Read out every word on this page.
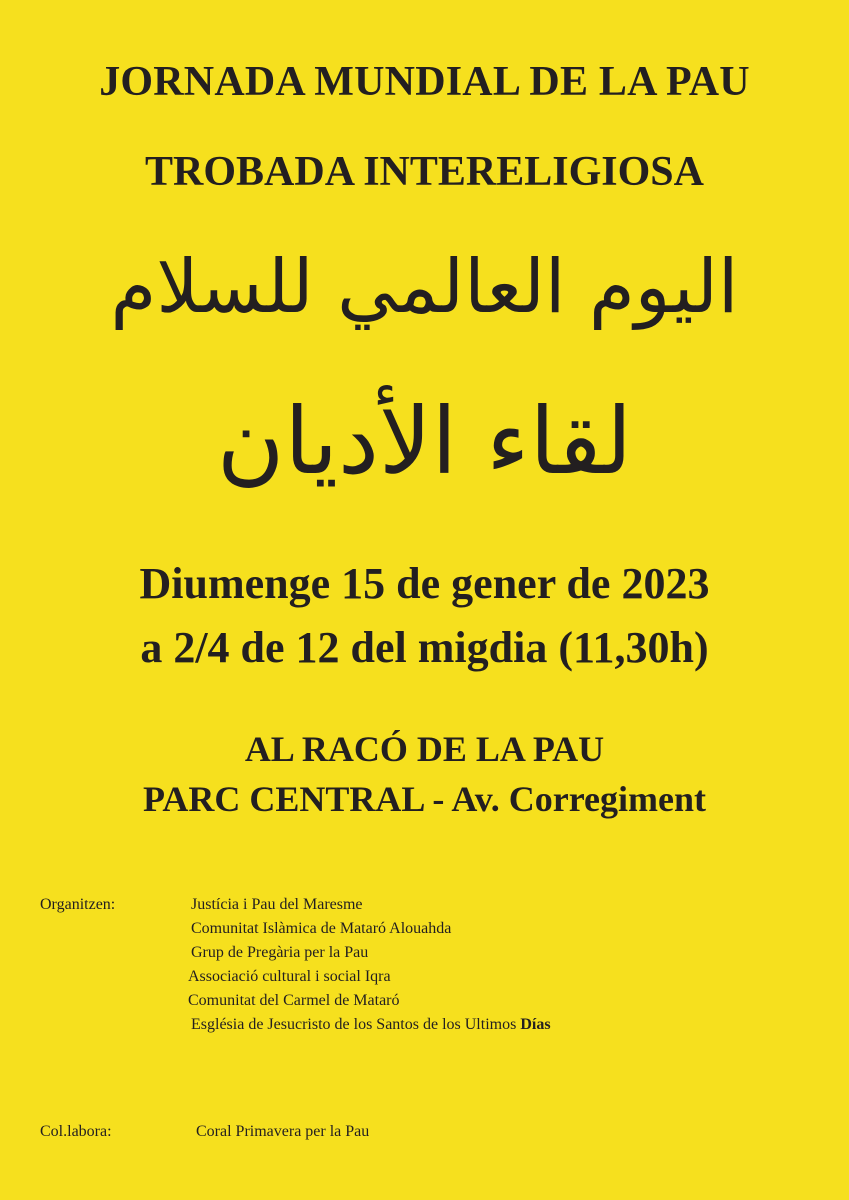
JORNADA MUNDIAL DE LA PAU
TROBADA INTERELIGIOSA
اليوم العالمي للسلام
لقاء الأديان
Diumenge 15 de gener de 2023
a 2/4 de 12 del migdia (11,30h)
AL RACÓ DE LA PAU
PARC CENTRAL - Av. Corregiment
Organitzen:	Justícia i Pau del Maresme
Comunitat Islàmica de Mataró Alouahda
Grup de Pregària per la Pau
Associació cultural i social Iqra
Comunitat del Carmel de Mataró
Església de Jesucristo de los Santos de los Ultimos Días
Col.labora:	Coral Primavera per la Pau
